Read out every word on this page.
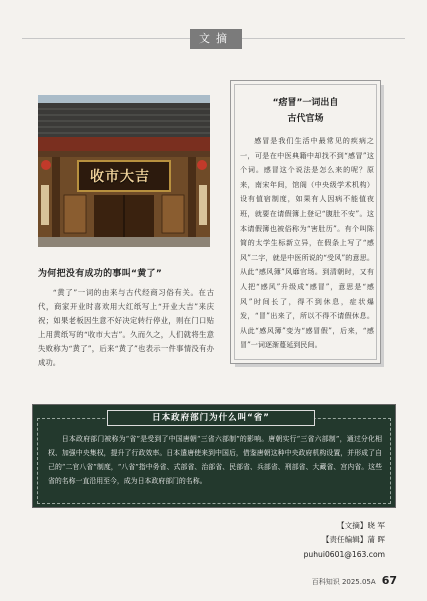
文摘
收市大吉
为何把没有成功的事叫“黄了”
“黄了”一词的由来与古代经商习俗有关。在古代，商家开业时喜欢用大红纸写上“开业大吉”来庆祝；如果老板因生意不好决定转行停业，则在门口贴上用黄纸写的“收市大吉”。久而久之，人们就将生意失败称为“黄了”，后来“黄了”也表示一件事情没有办成功。
“痞冒”一词出自
古代官场
感冒是我们生活中最常见的疾病之一，可是在中医典籍中却找不到“感冒”这个词。感冒这个说法是怎么来的呢？原来，南宋年间，馆阁（中央级学术机构）设有值宿制度，如果有人因病不能值夜班，就要在请假簿上登记“腹肚不安”。这本请假簿也被俗称为“害肚历”。有个叫陈简的太学生标新立异，在假条上写了“感风”二字，就是中医所说的“受风”的意思。从此“感风簿”风靡官场。到清朝时，又有人把“感风”升级成“感冒”，意思是“感风”时间长了，得不到休息，症状爆发，“冒”出来了，所以不得不请假休息。从此“感风簿”变为“感冒假”，后来，“感冒”一词逐渐蔓延到民间。
日本政府部门为什么叫“省”
日本政府部门被称为“省”是受到了中国唐朝“三省六部制”的影响。唐朝实行“三省六部制”，通过分化相权、加强中央集权，提升了行政效率。日本遣唐使来到中国后，借鉴唐朝这种中央政府机构设置，并形成了自己的“二官八省”制度，“八省”指中务省、式部省、治部省、民部省、兵部省、刑部省、大藏省、宫内省。这些省的名称一直沿用至今，成为日本政府部门的名称。
【文摘】晓 军
【责任编辑】蒲 晖
puhui0601@163.com
百科知识 2025.05A 67
